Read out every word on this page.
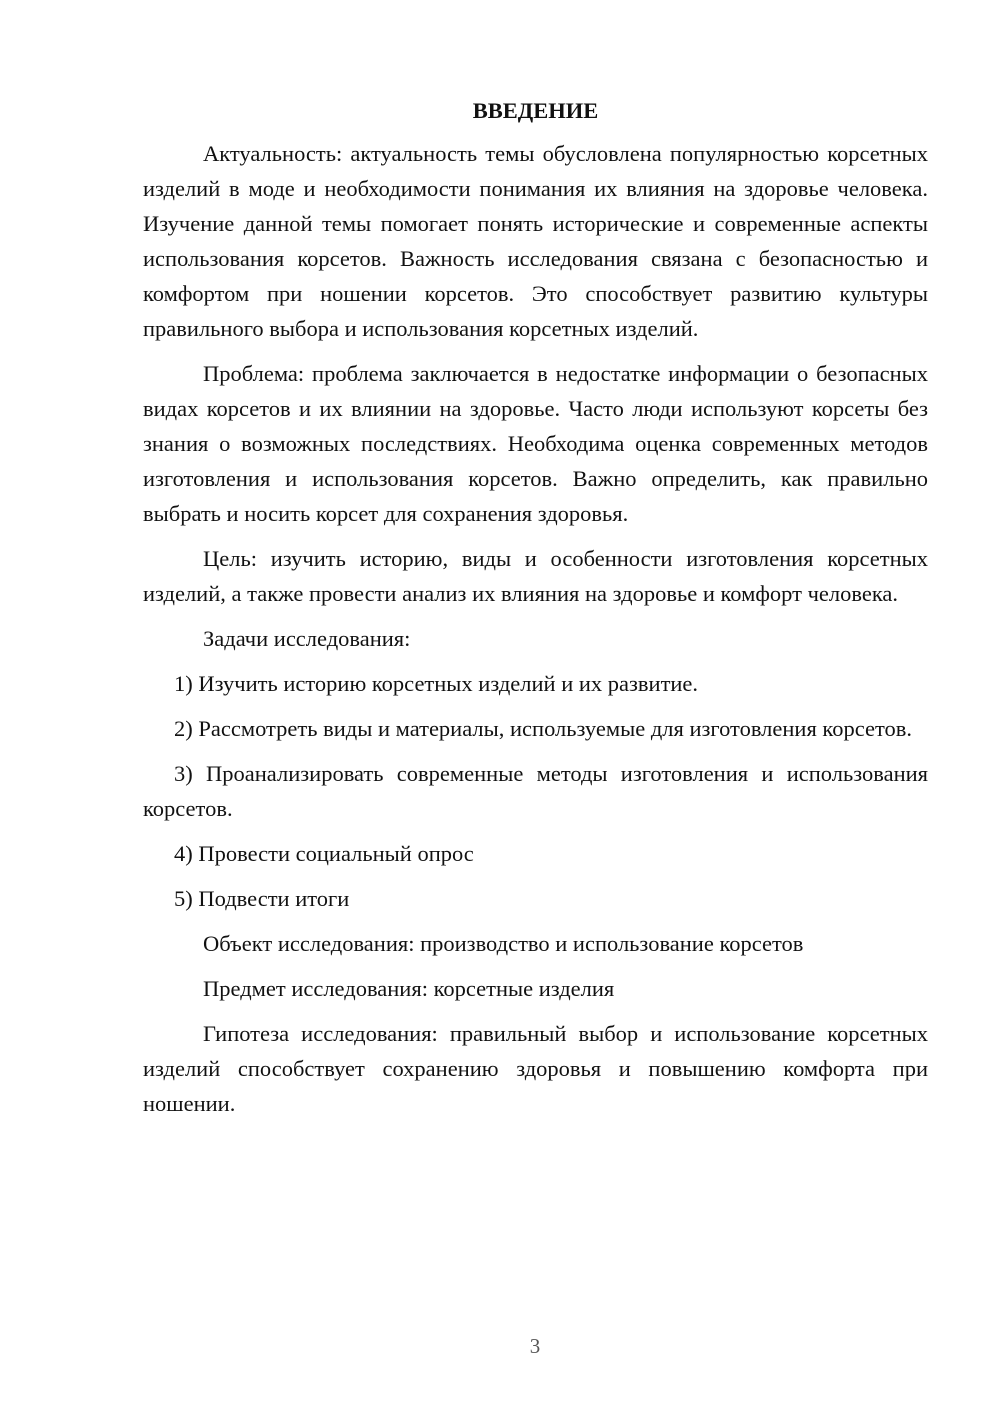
ВВЕДЕНИЕ

Актуальность: актуальность темы обусловлена популярностью корсетных изделий в моде и необходимости понимания их влияния на здоровье человека. Изучение данной темы помогает понять исторические и современные аспекты использования корсетов. Важность исследования связана с безопасностью и комфортом при ношении корсетов. Это способствует развитию культуры правильного выбора и использования корсетных изделий.

Проблема: проблема заключается в недостатке информации о безопасных видах корсетов и их влиянии на здоровье. Часто люди используют корсеты без знания о возможных последствиях. Необходима оценка современных методов изготовления и использования корсетов. Важно определить, как правильно выбрать и носить корсет для сохранения здоровья.

Цель: изучить историю, виды и особенности изготовления корсетных изделий, а также провести анализ их влияния на здоровье и комфорт человека.

Задачи исследования:

1) Изучить историю корсетных изделий и их развитие.

2) Рассмотреть виды и материалы, используемые для изготовления корсетов.

3) Проанализировать современные методы изготовления и использования корсетов.

4) Провести социальный опрос

5) Подвести итоги

Объект исследования: производство и использование корсетов

Предмет исследования: корсетные изделия

Гипотеза исследования: правильный выбор и использование корсетных изделий способствует сохранению здоровья и повышению комфорта при ношении.

3
